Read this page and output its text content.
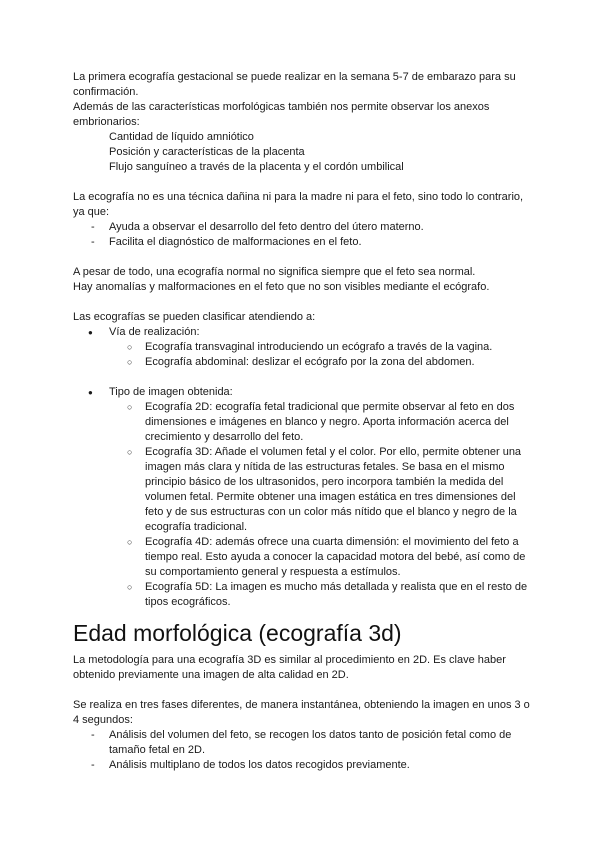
La primera ecografía gestacional se puede realizar en la semana 5-7 de embarazo para su confirmación.

Además de las características morfológicas también nos permite observar los anexos embrionarios:

Cantidad de líquido amniótico

Posición y características de la placenta

Flujo sanguíneo a través de la placenta y el cordón umbilical

La ecografía no es una técnica dañina ni para la madre ni para el feto, sino todo lo contrario, ya que:

- Ayuda a observar el desarrollo del feto dentro del útero materno.
- Facilita el diagnóstico de malformaciones en el feto.

A pesar de todo, una ecografía normal no significa siempre que el feto sea normal.

Hay anomalías y malformaciones en el feto que no son visibles mediante el ecógrafo.

Las ecografías se pueden clasificar atendiendo a:

● Vía de realización:
○ Ecografía transvaginal introduciendo un ecógrafo a través de la vagina.
○ Ecografía abdominal: deslizar el ecógrafo por la zona del abdomen.
● Tipo de imagen obtenida:
○ Ecografía 2D: ecografía fetal tradicional que permite observar al feto en dos dimensiones e imágenes en blanco y negro. Aporta información acerca del crecimiento y desarrollo del feto.
○ Ecografía 3D: Añade el volumen fetal y el color. Por ello, permite obtener una imagen más clara y nítida de las estructuras fetales. Se basa en el mismo principio básico de los ultrasonidos, pero incorpora también la medida del volumen fetal. Permite obtener una imagen estática en tres dimensiones del feto y de sus estructuras con un color más nítido que el blanco y negro de la ecografía tradicional.
○ Ecografía 4D: además ofrece una cuarta dimensión: el movimiento del feto a tiempo real. Esto ayuda a conocer la capacidad motora del bebé, así como de su comportamiento general y respuesta a estímulos.
○ Ecografía 5D: La imagen es mucho más detallada y realista que en el resto de tipos ecográficos.
Edad morfológica (ecografía 3d)

La metodología para una ecografía 3D es similar al procedimiento en 2D. Es clave haber obtenido previamente una imagen de alta calidad en 2D.

Se realiza en tres fases diferentes, de manera instantánea, obteniendo la imagen en unos 3 o 4 segundos:

- Análisis del volumen del feto, se recogen los datos tanto de posición fetal como de tamaño fetal en 2D.
- Análisis multiplano de todos los datos recogidos previamente.
